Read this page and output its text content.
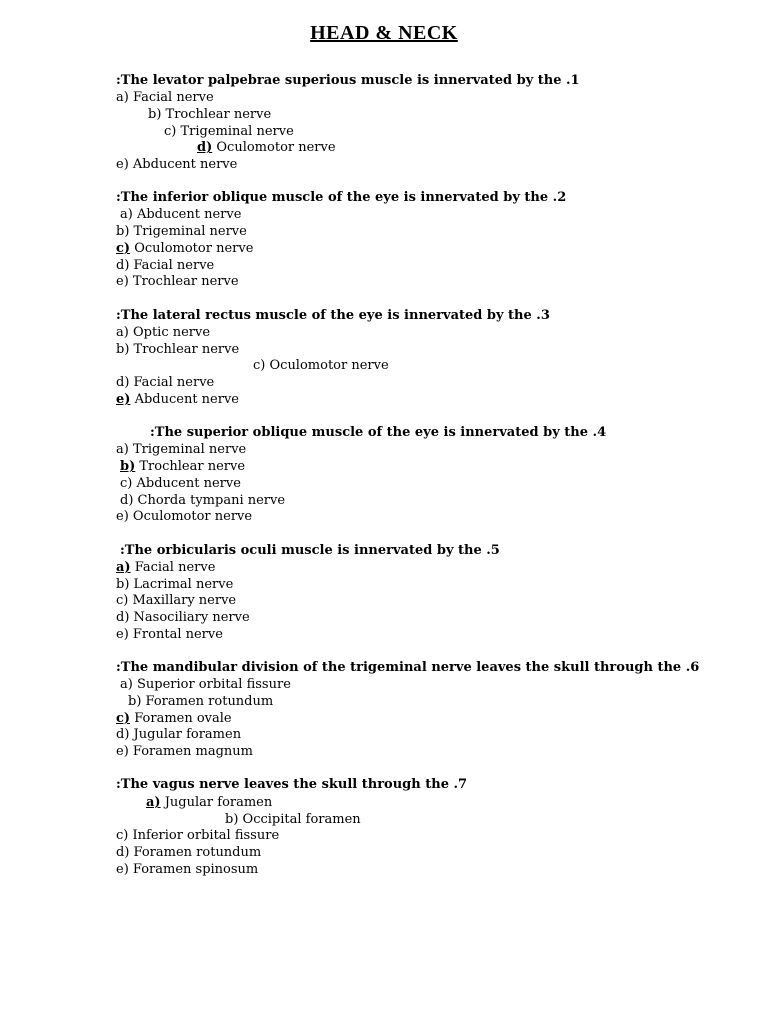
HEAD & NECK
:The levator palpebrae superious muscle is innervated by the .1
a) Facial nerve
b) Trochlear nerve
c) Trigeminal nerve
d) Oculomotor nerve
e) Abducent nerve
:The inferior oblique muscle of the eye is innervated by the .2
a) Abducent nerve
b) Trigeminal nerve
c) Oculomotor nerve
d) Facial nerve
e) Trochlear nerve
:The lateral rectus muscle of the eye is innervated by the .3
a) Optic nerve
b) Trochlear nerve
c) Oculomotor nerve
d) Facial nerve
e) Abducent nerve
:The superior oblique muscle of the eye is innervated by the .4
a) Trigeminal nerve
b) Trochlear nerve
c) Abducent nerve
d) Chorda tympani nerve
e) Oculomotor nerve
:The orbicularis oculi muscle is innervated by the .5
a) Facial nerve
b) Lacrimal nerve
c) Maxillary nerve
d) Nasociliary nerve
e) Frontal nerve
:The mandibular division of the trigeminal nerve leaves the skull through the .6
a) Superior orbital fissure
b) Foramen rotundum
c) Foramen ovale
d) Jugular foramen
e) Foramen magnum
:The vagus nerve leaves the skull through the .7
a) Jugular foramen
b) Occipital foramen
c) Inferior orbital fissure
d) Foramen rotundum
e) Foramen spinosum
